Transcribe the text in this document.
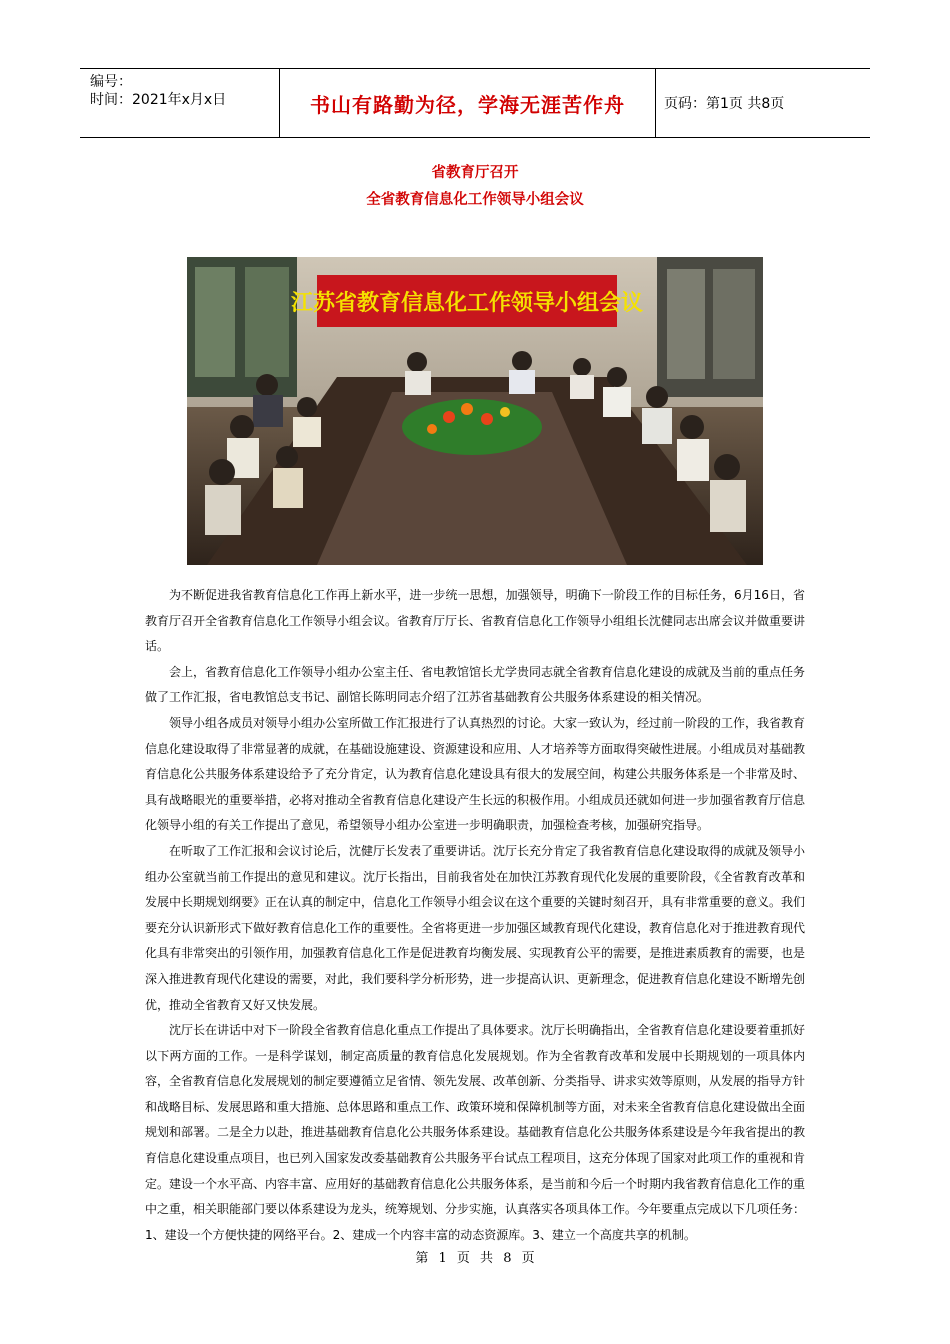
编号：
时间：2021年x月x日	书山有路勤为径，学海无涯苦作舟	页码：第1页 共8页
省教育厅召开
全省教育信息化工作领导小组会议
江苏省教育信息化工作领导小组会议

为不断促进我省教育信息化工作再上新水平，进一步统一思想，加强领导，明确下一阶段工作的目标任务，6月16日，省教育厅召开全省教育信息化工作领导小组会议。省教育厅厅长、省教育信息化工作领导小组组长沈健同志出席会议并做重要讲话。

会上，省教育信息化工作领导小组办公室主任、省电教馆馆长尤学贵同志就全省教育信息化建设的成就及当前的重点任务做了工作汇报，省电教馆总支书记、副馆长陈明同志介绍了江苏省基础教育公共服务体系建设的相关情况。

领导小组各成员对领导小组办公室所做工作汇报进行了认真热烈的讨论。大家一致认为，经过前一阶段的工作，我省教育信息化建设取得了非常显著的成就，在基础设施建设、资源建设和应用、人才培养等方面取得突破性进展。小组成员对基础教育信息化公共服务体系建设给予了充分肯定，认为教育信息化建设具有很大的发展空间，构建公共服务体系是一个非常及时、具有战略眼光的重要举措，必将对推动全省教育信息化建设产生长远的积极作用。小组成员还就如何进一步加强省教育厅信息化领导小组的有关工作提出了意见，希望领导小组办公室进一步明确职责，加强检查考核，加强研究指导。

在听取了工作汇报和会议讨论后，沈健厅长发表了重要讲话。沈厅长充分肯定了我省教育信息化建设取得的成就及领导小组办公室就当前工作提出的意见和建议。沈厅长指出，目前我省处在加快江苏教育现代化发展的重要阶段，《全省教育改革和发展中长期规划纲要》正在认真的制定中，信息化工作领导小组会议在这个重要的关键时刻召开，具有非常重要的意义。我们要充分认识新形式下做好教育信息化工作的重要性。全省将更进一步加强区域教育现代化建设，教育信息化对于推进教育现代化具有非常突出的引领作用，加强教育信息化工作是促进教育均衡发展、实现教育公平的需要，是推进素质教育的需要，也是深入推进教育现代化建设的需要，对此，我们要科学分析形势，进一步提高认识、更新理念，促进教育信息化建设不断增先创优，推动全省教育又好又快发展。

沈厅长在讲话中对下一阶段全省教育信息化重点工作提出了具体要求。沈厅长明确指出，全省教育信息化建设要着重抓好以下两方面的工作。一是科学谋划，制定高质量的教育信息化发展规划。作为全省教育改革和发展中长期规划的一项具体内容，全省教育信息化发展规划的制定要遵循立足省情、领先发展、改革创新、分类指导、讲求实效等原则，从发展的指导方针和战略目标、发展思路和重大措施、总体思路和重点工作、政策环境和保障机制等方面，对未来全省教育信息化建设做出全面规划和部署。二是全力以赴，推进基础教育信息化公共服务体系建设。基础教育信息化公共服务体系建设是今年我省提出的教育信息化建设重点项目，也已列入国家发改委基础教育公共服务平台试点工程项目，这充分体现了国家对此项工作的重视和肯定。建设一个水平高、内容丰富、应用好的基础教育信息化公共服务体系，是当前和今后一个时期内我省教育信息化工作的重中之重，相关职能部门要以体系建设为龙头，统筹规划、分步实施，认真落实各项具体工作。今年要重点完成以下几项任务：1、建设一个方便快捷的网络平台。2、建成一个内容丰富的动态资源库。3、建立一个高度共享的机制。

第 1 页 共 8 页
